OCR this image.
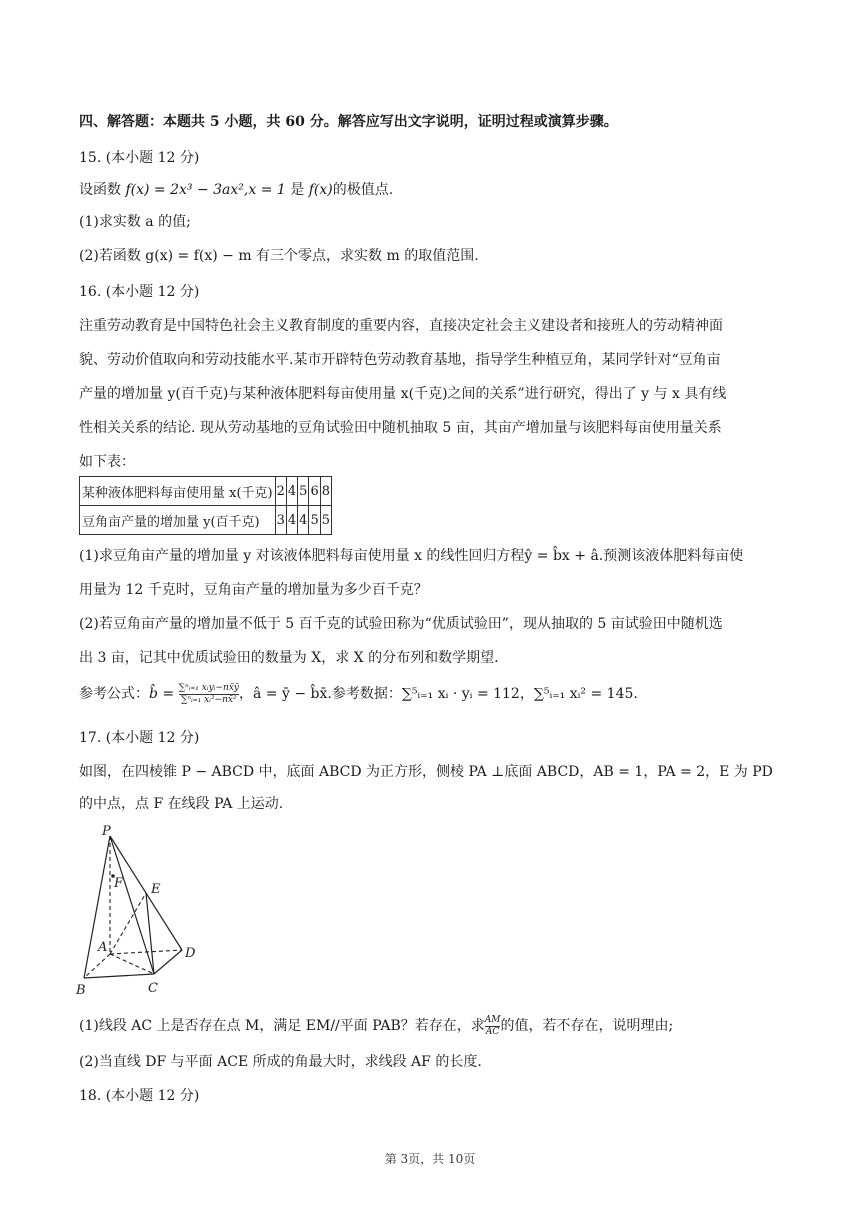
四、解答题：本题共 5 小题，共 60 分。解答应写出文字说明，证明过程或演算步骤。
15. (本小题 12 分)
设函数 f(x) = 2x³ − 3ax²,x = 1 是 f(x)的极值点.
(1)求实数 a 的值;
(2)若函数 g(x) = f(x) − m 有三个零点，求实数 m 的取值范围.
16. (本小题 12 分)
注重劳动教育是中国特色社会主义教育制度的重要内容，直接决定社会主义建设者和接班人的劳动精神面
貌、劳动价值取向和劳动技能水平.某市开辟特色劳动教育基地，指导学生种植豆角，某同学针对“豆角亩
产量的增加量 y(百千克)与某种液体肥料每亩使用量 x(千克)之间的关系”进行研究，得出了 y 与 x 具有线
性相关关系的结论. 现从劳动基地的豆角试验田中随机抽取 5 亩，其亩产增加量与该肥料每亩使用量关系
如下表：
某种液体肥料每亩使用量 x(千克)	2	4	5	6	8
豆角亩产量的增加量 y(百千克)	3	4	4	5	5
(1)求豆角亩产量的增加量 y 对该液体肥料每亩使用量 x 的线性回归方程ŷ = b̂x + â.预测该液体肥料每亩使
用量为 12 千克时，豆角亩产量的增加量为多少百千克？
(2)若豆角亩产量的增加量不低于 5 百千克的试验田称为“优质试验田”，现从抽取的 5 亩试验田中随机选
出 3 亩，记其中优质试验田的数量为 X，求 X 的分布列和数学期望.
参考公式：b̂ = $\frac{\text{∑ⁿᵢ₌₁ xᵢyᵢ−nx̄ȳ}}{\text{∑ⁿᵢ₌₁ xᵢ²−nx̄²}}$ ，â = ȳ − b̂x̄.参考数据：∑⁵ᵢ₌₁ xᵢ · yᵢ = 112，∑⁵ᵢ₌₁ xᵢ² = 145.
17. (本小题 12 分)
如图，在四棱锥 P − ABCD 中，底面 ABCD 为正方形，侧棱 PA ⊥底面 ABCD，AB = 1，PA = 2，E 为 PD
的中点，点 F 在线段 PA 上运动.
P
F E
A	D
B	C
(1)线段 AC 上是否存在点 M，满足 EM//平面 PAB？若存在，求 $\frac{AM}{AC}$ 的值，若不存在，说明理由;
(2)当直线 DF 与平面 ACE 所成的角最大时，求线段 AF 的长度.
18. (本小题 12 分)
第 3页，共 10页
